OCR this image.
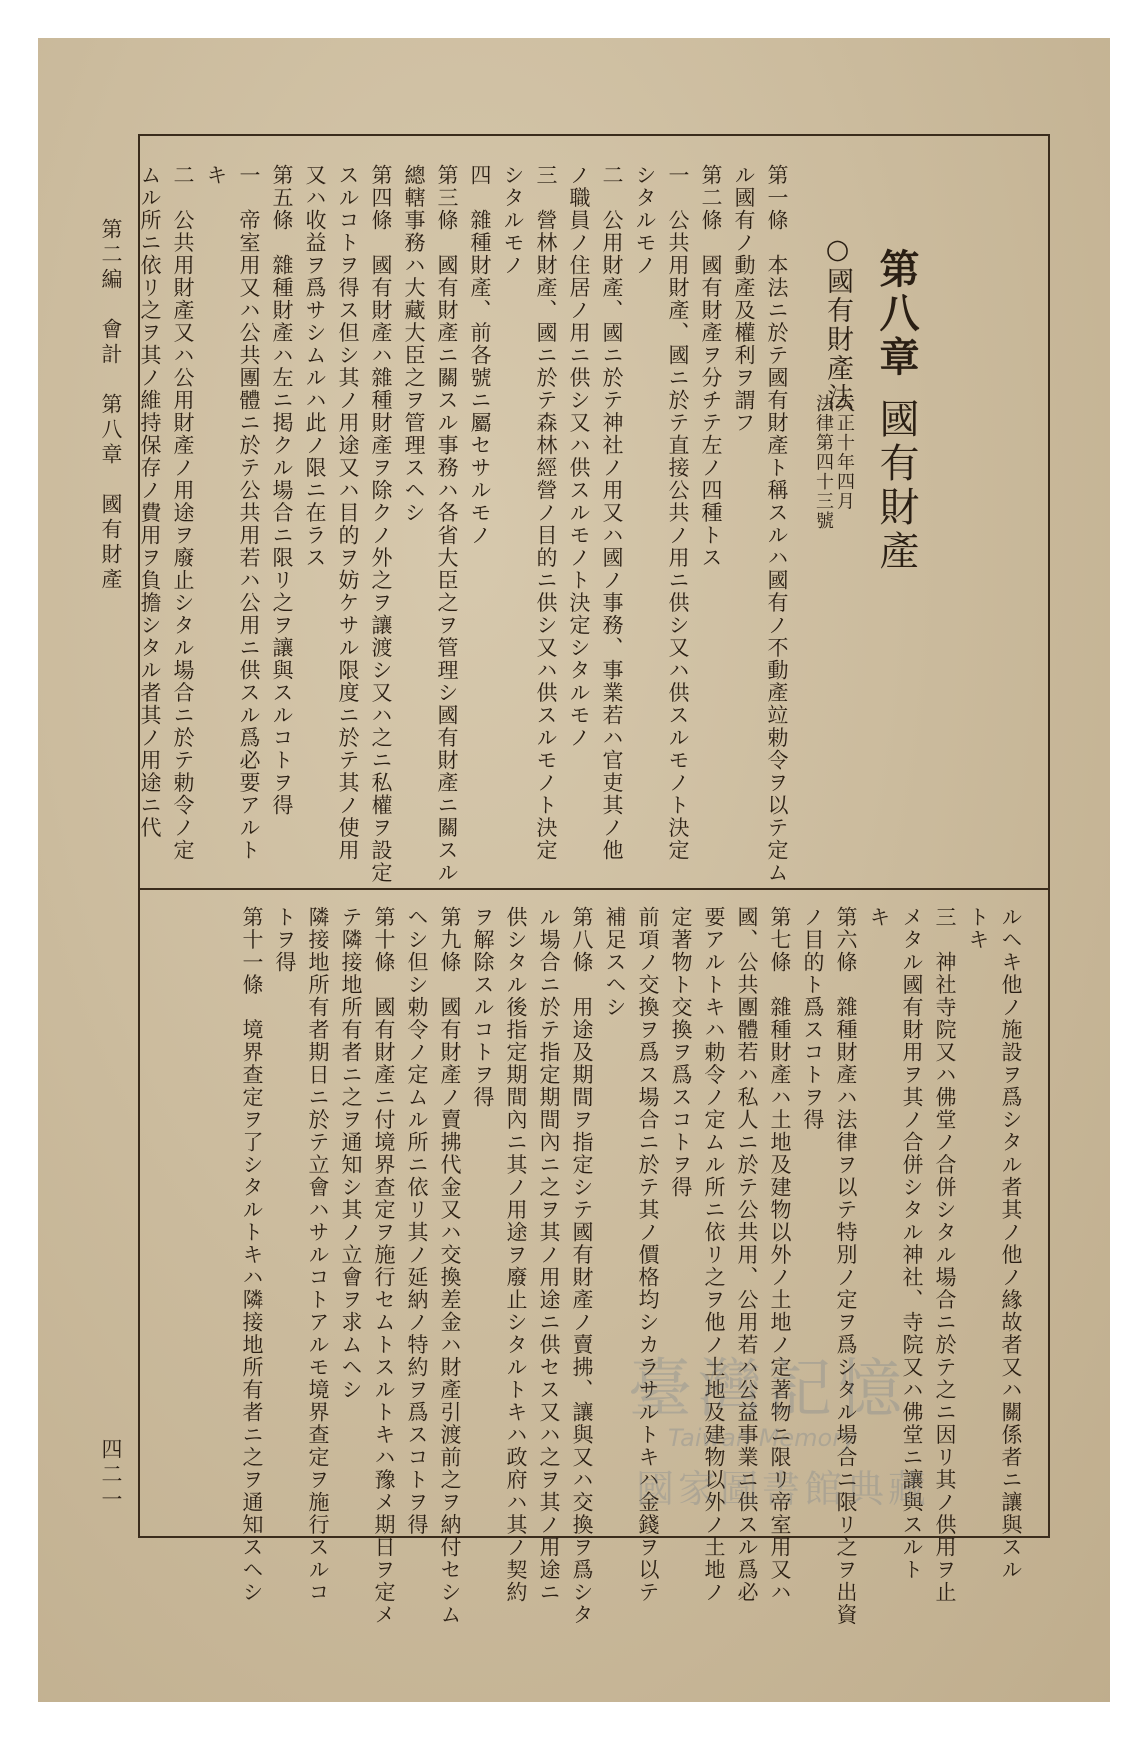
第八章
國有財產
○國有財產法
大正十年四月
法律第四十三號
第一條　本法ニ於テ國有財產ト稱スルハ國有ノ不動產竝勅令ヲ以テ定ム
ル國有ノ動產及權利ヲ謂フ
第二條　國有財產ヲ分チテ左ノ四種トス
一　公共用財產、國ニ於テ直接公共ノ用ニ供シ又ハ供スルモノト決定
シタルモノ
二　公用財產、國ニ於テ神社ノ用又ハ國ノ事務、事業若ハ官吏其ノ他
ノ職員ノ住居ノ用ニ供シ又ハ供スルモノト決定シタルモノ
三　營林財產、國ニ於テ森林經營ノ目的ニ供シ又ハ供スルモノト決定
シタルモノ
四　雜種財產、前各號ニ屬セサルモノ
第三條　國有財產ニ關スル事務ハ各省大臣之ヲ管理シ國有財產ニ關スル
總轄事務ハ大藏大臣之ヲ管理スヘシ
第四條　國有財產ハ雜種財產ヲ除クノ外之ヲ讓渡シ又ハ之ニ私權ヲ設定
スルコトヲ得ス但シ其ノ用途又ハ目的ヲ妨ケサル限度ニ於テ其ノ使用
又ハ收益ヲ爲サシムルハ此ノ限ニ在ラス
第五條　雜種財產ハ左ニ掲クル場合ニ限リ之ヲ讓與スルコトヲ得
一　帝室用又ハ公共團體ニ於テ公共用若ハ公用ニ供スル爲必要アルト
キ
二　公共用財產又ハ公用財產ノ用途ヲ廢止シタル場合ニ於テ勅令ノ定
ムル所ニ依リ之ヲ其ノ維持保存ノ費用ヲ負擔シタル者其ノ用途ニ代
ルヘキ他ノ施設ヲ爲シタル者其ノ他ノ緣故者又ハ關係者ニ讓與スル
トキ
三　神社寺院又ハ佛堂ノ合併シタル場合ニ於テ之ニ因リ其ノ供用ヲ止
メタル國有財用ヲ其ノ合併シタル神社、寺院又ハ佛堂ニ讓與スルト
キ
第六條　雜種財產ハ法律ヲ以テ特別ノ定ヲ爲シタル場合ニ限リ之ヲ出資
ノ目的ト爲スコトヲ得
第七條　雜種財產ハ土地及建物以外ノ土地ノ定著物ニ限リ帝室用又ハ
國、公共團體若ハ私人ニ於テ公共用、公用若ハ公益事業ニ供スル爲必
要アルトキハ勅令ノ定ムル所ニ依リ之ヲ他ノ土地及建物以外ノ土地ノ
定著物ト交換ヲ爲スコトヲ得
前項ノ交換ヲ爲ス場合ニ於テ其ノ價格均シカラサルトキハ金錢ヲ以テ
補足スヘシ
第八條　用途及期間ヲ指定シテ國有財產ノ賣拂、讓與又ハ交換ヲ爲シタ
ル場合ニ於テ指定期間內ニ之ヲ其ノ用途ニ供セス又ハ之ヲ其ノ用途ニ
供シタル後指定期間內ニ其ノ用途ヲ廢止シタルトキハ政府ハ其ノ契約
ヲ解除スルコトヲ得
第九條　國有財產ノ賣拂代金又ハ交換差金ハ財產引渡前之ヲ納付セシム
ヘシ但シ勅令ノ定ムル所ニ依リ其ノ延納ノ特約ヲ爲スコトヲ得
第十條　國有財產ニ付境界查定ヲ施行セムトスルトキハ豫メ期日ヲ定メ
テ隣接地所有者ニ之ヲ通知シ其ノ立會ヲ求ムヘシ
隣接地所有者期日ニ於テ立會ハサルコトアルモ境界查定ヲ施行スルコ
トヲ得
第十一條　境界查定ヲ了シタルトキハ隣接地所有者ニ之ヲ通知スヘシ
第二編　會計　第八章　國有財產
四二一
臺灣記憶
Taiwan Memory
國家圖書館典藏
